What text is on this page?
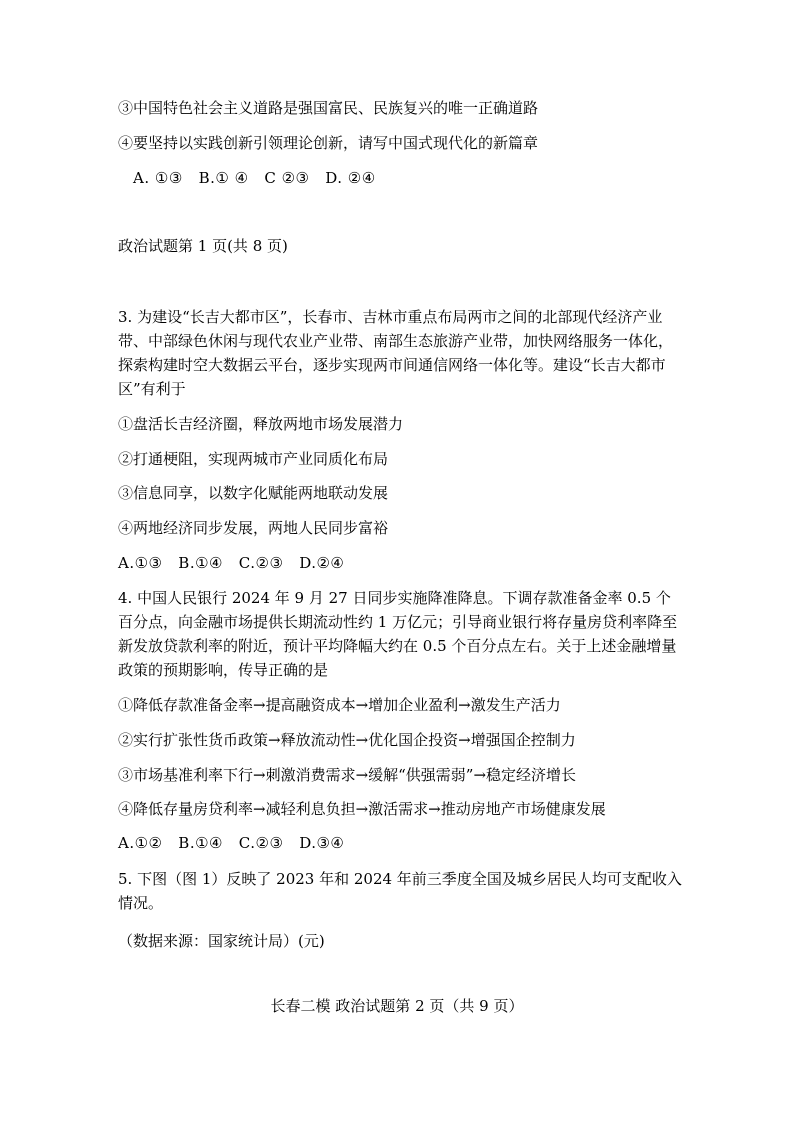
③中国特色社会主义道路是强国富民、民族复兴的唯一正确道路
④要坚持以实践创新引领理论创新，请写中国式现代化的新篇章
A. ①③   B.① ④   C ②③   D. ②④
政治试题第 1 页(共 8 页)
3. 为建设“长吉大都市区”，长春市、吉林市重点布局两市之间的北部现代经济产业带、中部绿色休闲与现代农业产业带、南部生态旅游产业带，加快网络服务一体化，探索构建时空大数据云平台，逐步实现两市间通信网络一体化等。建设“长吉大都市区”有利于
①盘活长吉经济圈，释放两地市场发展潜力
②打通梗阻，实现两城市产业同质化布局
③信息同享，以数字化赋能两地联动发展
④两地经济同步发展，两地人民同步富裕
A.①③   B.①④   C.②③   D.②④
4. 中国人民银行 2024 年 9 月 27 日同步实施降准降息。下调存款准备金率 0.5 个百分点，向金融市场提供长期流动性约 1 万亿元；引导商业银行将存量房贷利率降至新发放贷款利率的附近，预计平均降幅大约在 0.5 个百分点左右。关于上述金融增量政策的预期影响，传导正确的是
①降低存款准备金率→提高融资成本→增加企业盈利→激发生产活力
②实行扩张性货币政策→释放流动性→优化国企投资→增强国企控制力
③市场基准利率下行→刺激消费需求→缓解“供强需弱”→稳定经济增长
④降低存量房贷利率→减轻利息负担→激活需求→推动房地产市场健康发展
A.①②   B.①④   C.②③   D.③④
5. 下图（图 1）反映了 2023 年和 2024 年前三季度全国及城乡居民人均可支配收入情况。
（数据来源：国家统计局）(元)
长春二模 政治试题第 2 页（共 9 页）
